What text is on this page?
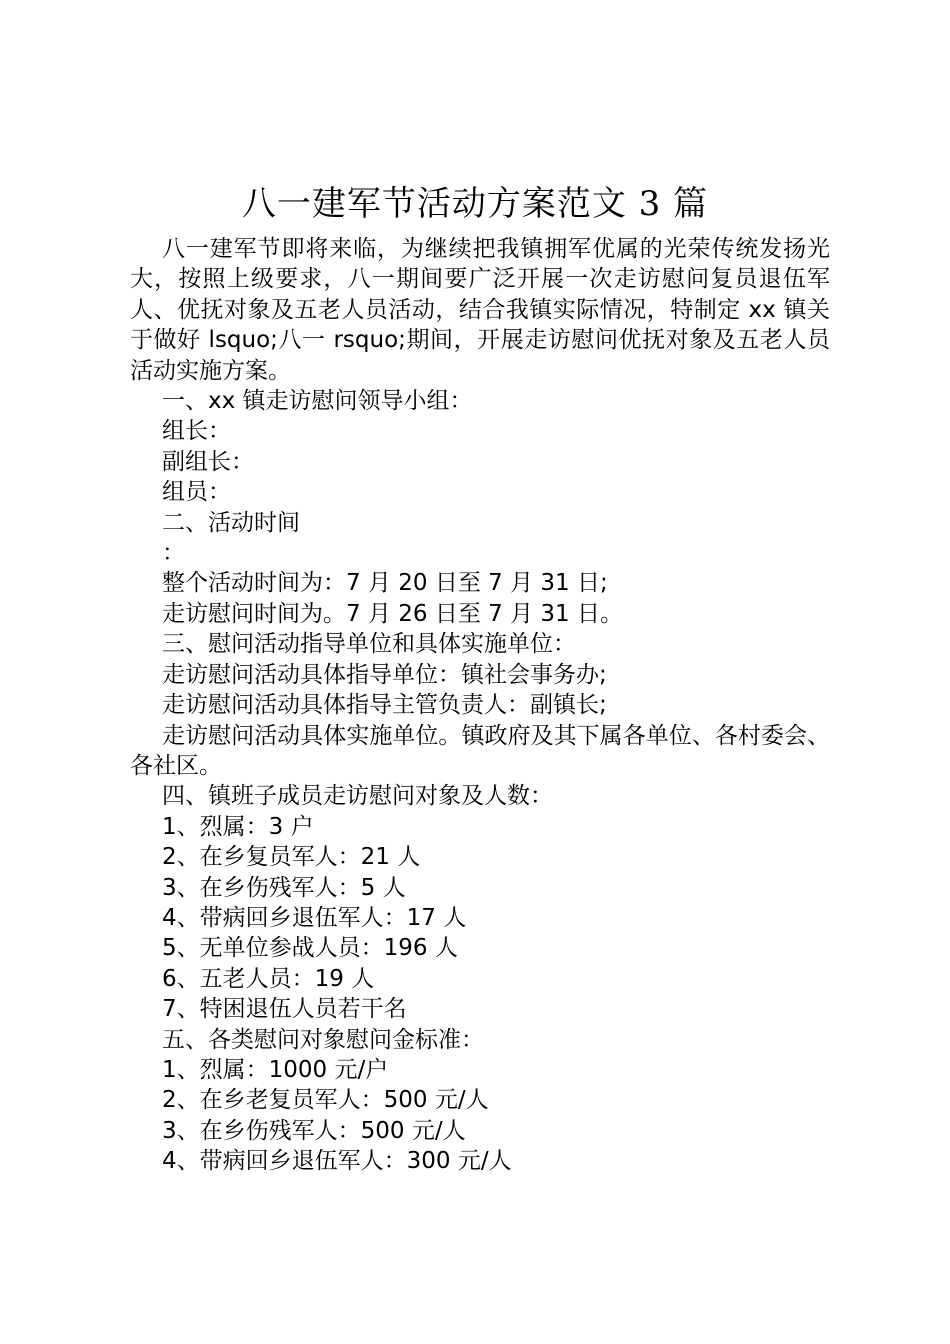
八一建军节活动方案范文 3 篇

八一建军节即将来临，为继续把我镇拥军优属的光荣传统发扬光大，按照上级要求，八一期间要广泛开展一次走访慰问复员退伍军人、优抚对象及五老人员活动，结合我镇实际情况，特制定 xx 镇关于做好 lsquo;八一 rsquo;期间，开展走访慰问优抚对象及五老人员活动实施方案。

一、xx 镇走访慰问领导小组：

组长：

副组长：

组员：

二、活动时间

：

整个活动时间为：7 月 20 日至 7 月 31 日;

走访慰问时间为。7 月 26 日至 7 月 31 日。

三、慰问活动指导单位和具体实施单位：

走访慰问活动具体指导单位：镇社会事务办;

走访慰问活动具体指导主管负责人：副镇长;

走访慰问活动具体实施单位。镇政府及其下属各单位、各村委会、各社区。

四、镇班子成员走访慰问对象及人数：

1、烈属：3 户

2、在乡复员军人：21 人

3、在乡伤残军人：5 人

4、带病回乡退伍军人：17 人

5、无单位参战人员：196 人

6、五老人员：19 人

7、特困退伍人员若干名

五、各类慰问对象慰问金标准：

1、烈属：1000 元/户

2、在乡老复员军人：500 元/人

3、在乡伤残军人：500 元/人

4、带病回乡退伍军人：300 元/人
